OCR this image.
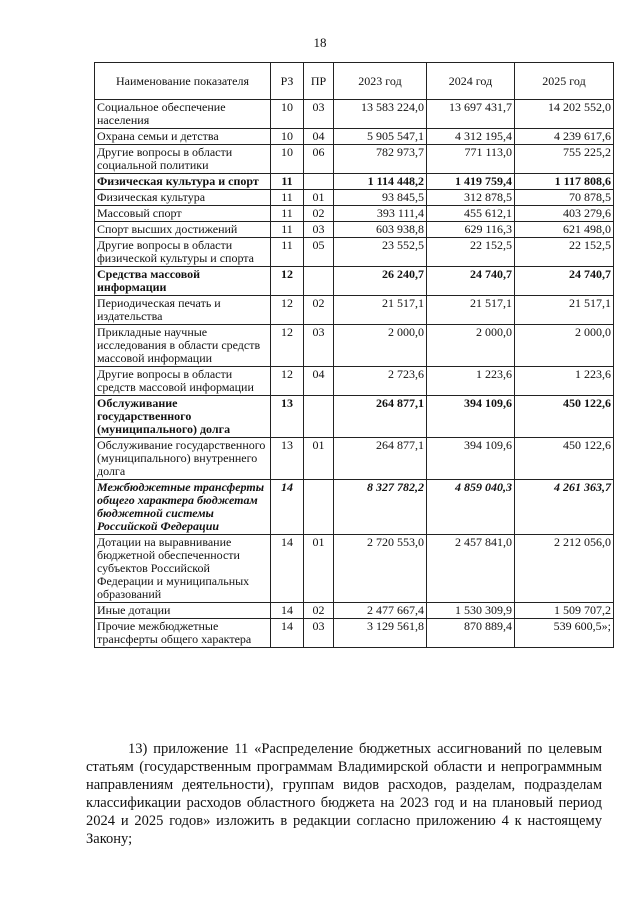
18
Наименование показателя	РЗ	ПР	2023 год	2024 год	2025 год
Социальное обеспечение населения	10	03	13 583 224,0	13 697 431,7	14 202 552,0
Охрана семьи и детства	10	04	5 905 547,1	4 312 195,4	4 239 617,6
Другие вопросы в области социальной политики	10	06	782 973,7	771 113,0	755 225,2
Физическая культура и спорт	11		1 114 448,2	1 419 759,4	1 117 808,6
Физическая культура	11	01	93 845,5	312 878,5	70 878,5
Массовый спорт	11	02	393 111,4	455 612,1	403 279,6
Спорт высших достижений	11	03	603 938,8	629 116,3	621 498,0
Другие вопросы в области физической культуры и спорта	11	05	23 552,5	22 152,5	22 152,5
Средства массовой информации	12		26 240,7	24 740,7	24 740,7
Периодическая печать и издательства	12	02	21 517,1	21 517,1	21 517,1
Прикладные научные исследования в области средств массовой информации	12	03	2 000,0	2 000,0	2 000,0
Другие вопросы в области средств массовой информации	12	04	2 723,6	1 223,6	1 223,6
Обслуживание государственного (муниципального) долга	13		264 877,1	394 109,6	450 122,6
Обслуживание государственного (муниципального) внутреннего долга	13	01	264 877,1	394 109,6	450 122,6
Межбюджетные трансферты общего характера бюджетам бюджетной системы Российской Федерации	14		8 327 782,2	4 859 040,3	4 261 363,7
Дотации на выравнивание бюджетной обеспеченности субъектов Российской Федерации и муниципальных образований	14	01	2 720 553,0	2 457 841,0	2 212 056,0
Иные дотации	14	02	2 477 667,4	1 530 309,9	1 509 707,2
Прочие межбюджетные трансферты общего характера	14	03	3 129 561,8	870 889,4	539 600,5»;

13) приложение 11 «Распределение бюджетных ассигнований по целевым статьям (государственным программам Владимирской области и непрограммным направлениям деятельности), группам видов расходов, разделам, подразделам классификации расходов областного бюджета на 2023 год и на плановый период 2024 и 2025 годов» изложить в редакции согласно приложению 4 к настоящему Закону;
